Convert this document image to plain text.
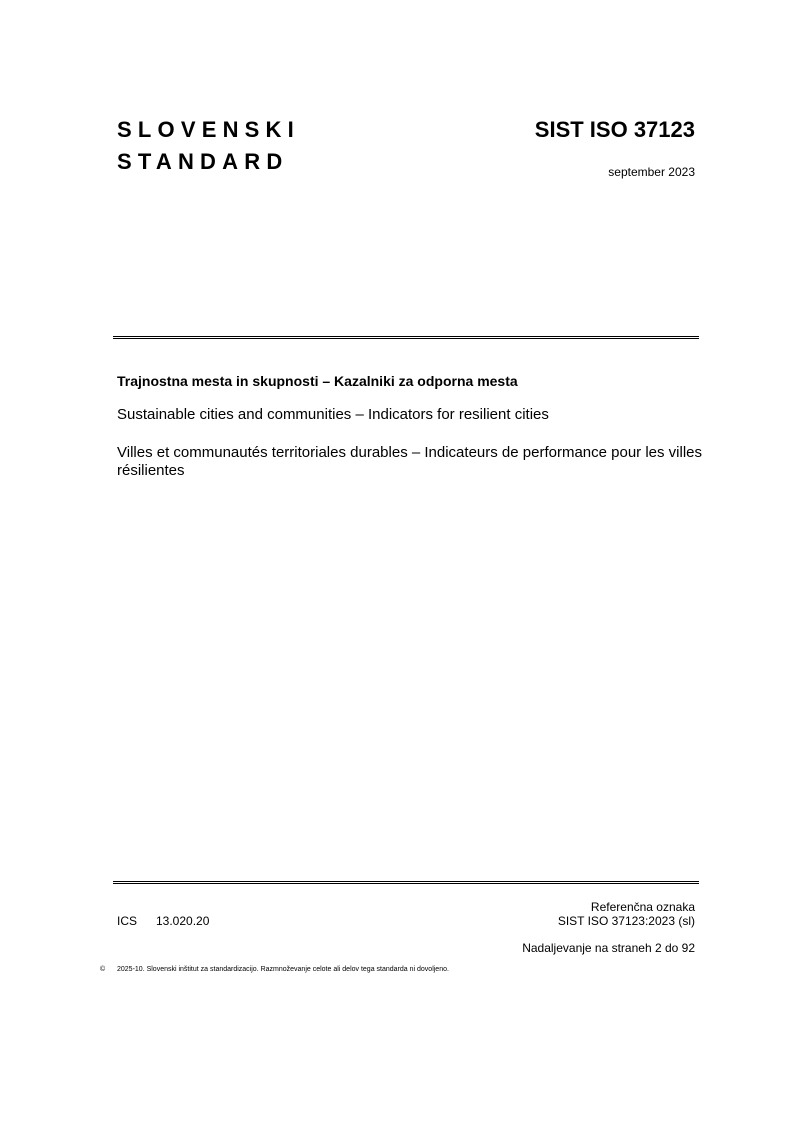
SLOVENSKI
STANDARD
SIST ISO 37123
september 2023
Trajnostna mesta in skupnosti – Kazalniki za odporna mesta
Sustainable cities and communities – Indicators for resilient cities
Villes et communautés territoriales durables – Indicateurs de performance pour les villes résilientes
Referenčna oznaka
ICS 13.020.20	SIST ISO 37123:2023 (sl)
Nadaljevanje na straneh 2 do 92
© 2025-10. Slovenski inštitut za standardizacijo. Razmnoževanje celote ali delov tega standarda ni dovoljeno.
